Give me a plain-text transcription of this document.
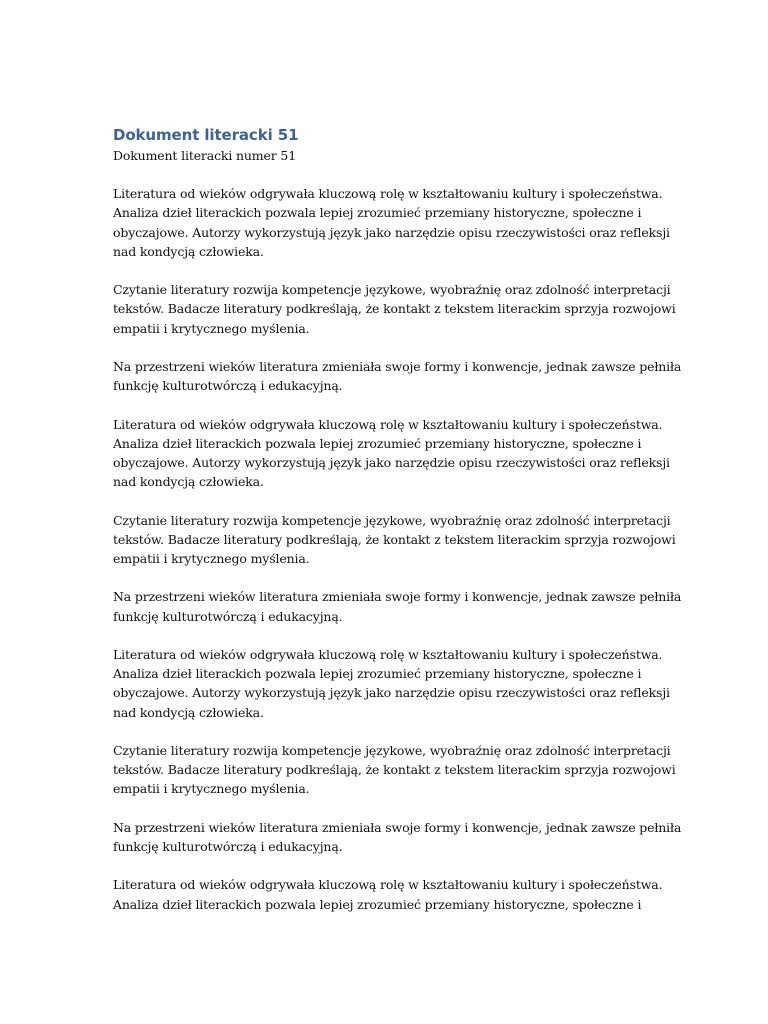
Dokument literacki 51

Dokument literacki numer 51

Literatura od wieków odgrywała kluczową rolę w kształtowaniu kultury i społeczeństwa.
Analiza dzieł literackich pozwala lepiej zrozumieć przemiany historyczne, społeczne i
obyczajowe. Autorzy wykorzystują język jako narzędzie opisu rzeczywistości oraz refleksji
nad kondycją człowieka.

Czytanie literatury rozwija kompetencje językowe, wyobraźnię oraz zdolność interpretacji
tekstów. Badacze literatury podkreślają, że kontakt z tekstem literackim sprzyja rozwojowi
empatii i krytycznego myślenia.

Na przestrzeni wieków literatura zmieniała swoje formy i konwencje, jednak zawsze pełniła
funkcję kulturotwórczą i edukacyjną.

Literatura od wieków odgrywała kluczową rolę w kształtowaniu kultury i społeczeństwa.
Analiza dzieł literackich pozwala lepiej zrozumieć przemiany historyczne, społeczne i
obyczajowe. Autorzy wykorzystują język jako narzędzie opisu rzeczywistości oraz refleksji
nad kondycją człowieka.

Czytanie literatury rozwija kompetencje językowe, wyobraźnię oraz zdolność interpretacji
tekstów. Badacze literatury podkreślają, że kontakt z tekstem literackim sprzyja rozwojowi
empatii i krytycznego myślenia.

Na przestrzeni wieków literatura zmieniała swoje formy i konwencje, jednak zawsze pełniła
funkcję kulturotwórczą i edukacyjną.

Literatura od wieków odgrywała kluczową rolę w kształtowaniu kultury i społeczeństwa.
Analiza dzieł literackich pozwala lepiej zrozumieć przemiany historyczne, społeczne i
obyczajowe. Autorzy wykorzystują język jako narzędzie opisu rzeczywistości oraz refleksji
nad kondycją człowieka.

Czytanie literatury rozwija kompetencje językowe, wyobraźnię oraz zdolność interpretacji
tekstów. Badacze literatury podkreślają, że kontakt z tekstem literackim sprzyja rozwojowi
empatii i krytycznego myślenia.

Na przestrzeni wieków literatura zmieniała swoje formy i konwencje, jednak zawsze pełniła
funkcję kulturotwórczą i edukacyjną.

Literatura od wieków odgrywała kluczową rolę w kształtowaniu kultury i społeczeństwa.
Analiza dzieł literackich pozwala lepiej zrozumieć przemiany historyczne, społeczne i
